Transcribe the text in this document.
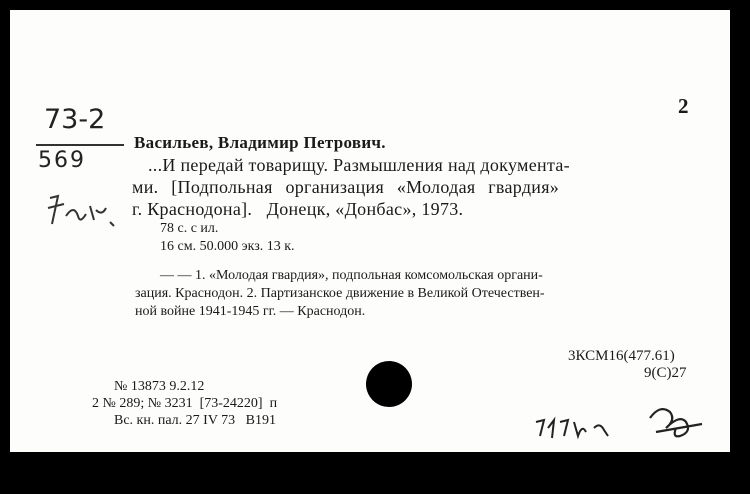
73-2
569
2
Васильев, Владимир Петрович.
...И передай товарищу. Размышления над документа-
ми. [Подпольная организация «Молодая гвардия»
г. Краснодона].   Донецк, «Донбас», 1973.
78 с. с ил.
16 см. 50.000 экз. 13 к.
— — 1. «Молодая гвардия», подпольная комсомольская органи-
зация. Краснодон. 2. Партизанское движение в Великой Отечествен-
ной войне 1941-1945 гг. — Краснодон.
3КСМ16(477.61)
9(С)27
№ 13873 9.2.12
2 № 289; № 3231  [73-24220]  п
Вс. кн. пал. 27 IV 73   В191
